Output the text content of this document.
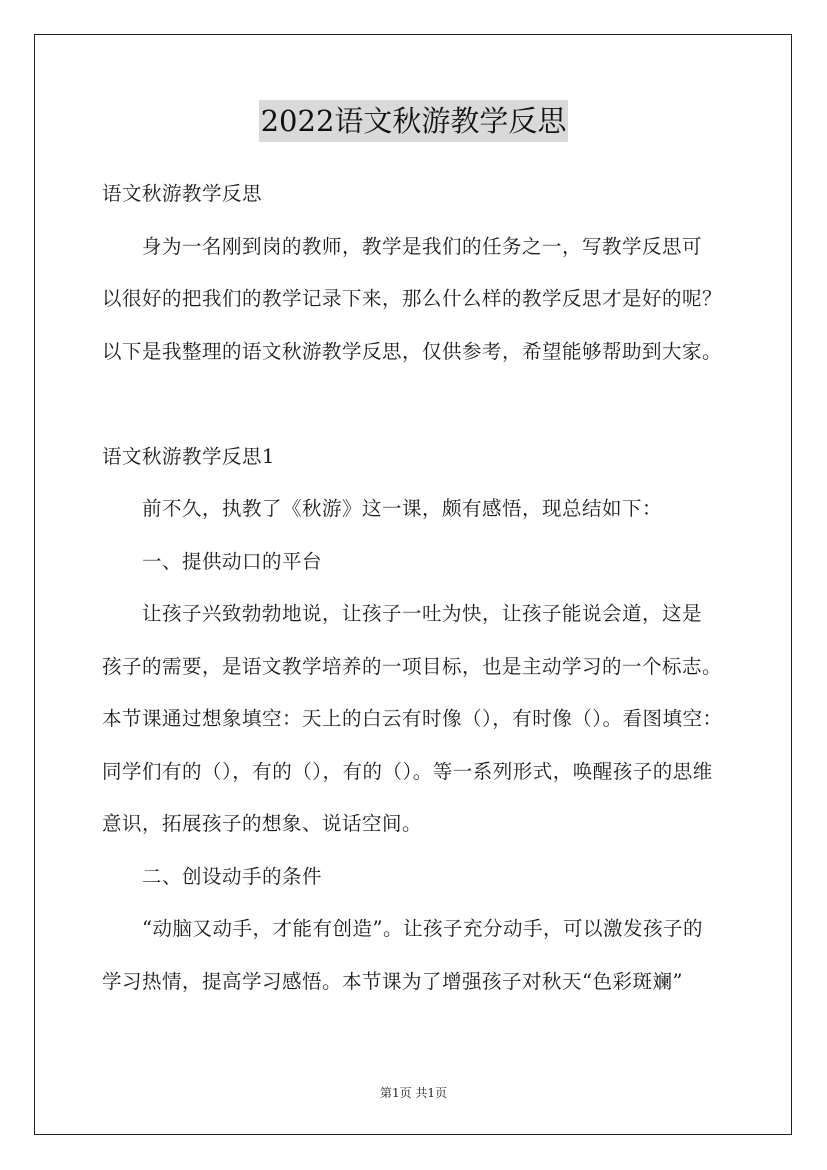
2022语文秋游教学反思
语文秋游教学反思
身为一名刚到岗的教师，教学是我们的任务之一，写教学反思可
以很好的把我们的教学记录下来，那么什么样的教学反思才是好的呢？
以下是我整理的语文秋游教学反思，仅供参考，希望能够帮助到大家。
语文秋游教学反思1
前不久，执教了《秋游》这一课，颇有感悟，现总结如下：
一、提供动口的平台
让孩子兴致勃勃地说，让孩子一吐为快，让孩子能说会道，这是
孩子的需要，是语文教学培养的一项目标，也是主动学习的一个标志。
本节课通过想象填空：天上的白云有时像（），有时像（）。看图填空：
同学们有的（），有的（），有的（）。等一系列形式，唤醒孩子的思维
意识，拓展孩子的想象、说话空间。
二、创设动手的条件
“动脑又动手，才能有创造”。让孩子充分动手，可以激发孩子的
学习热情，提高学习感悟。本节课为了增强孩子对秋天“色彩斑斓”
第1页 共1页
